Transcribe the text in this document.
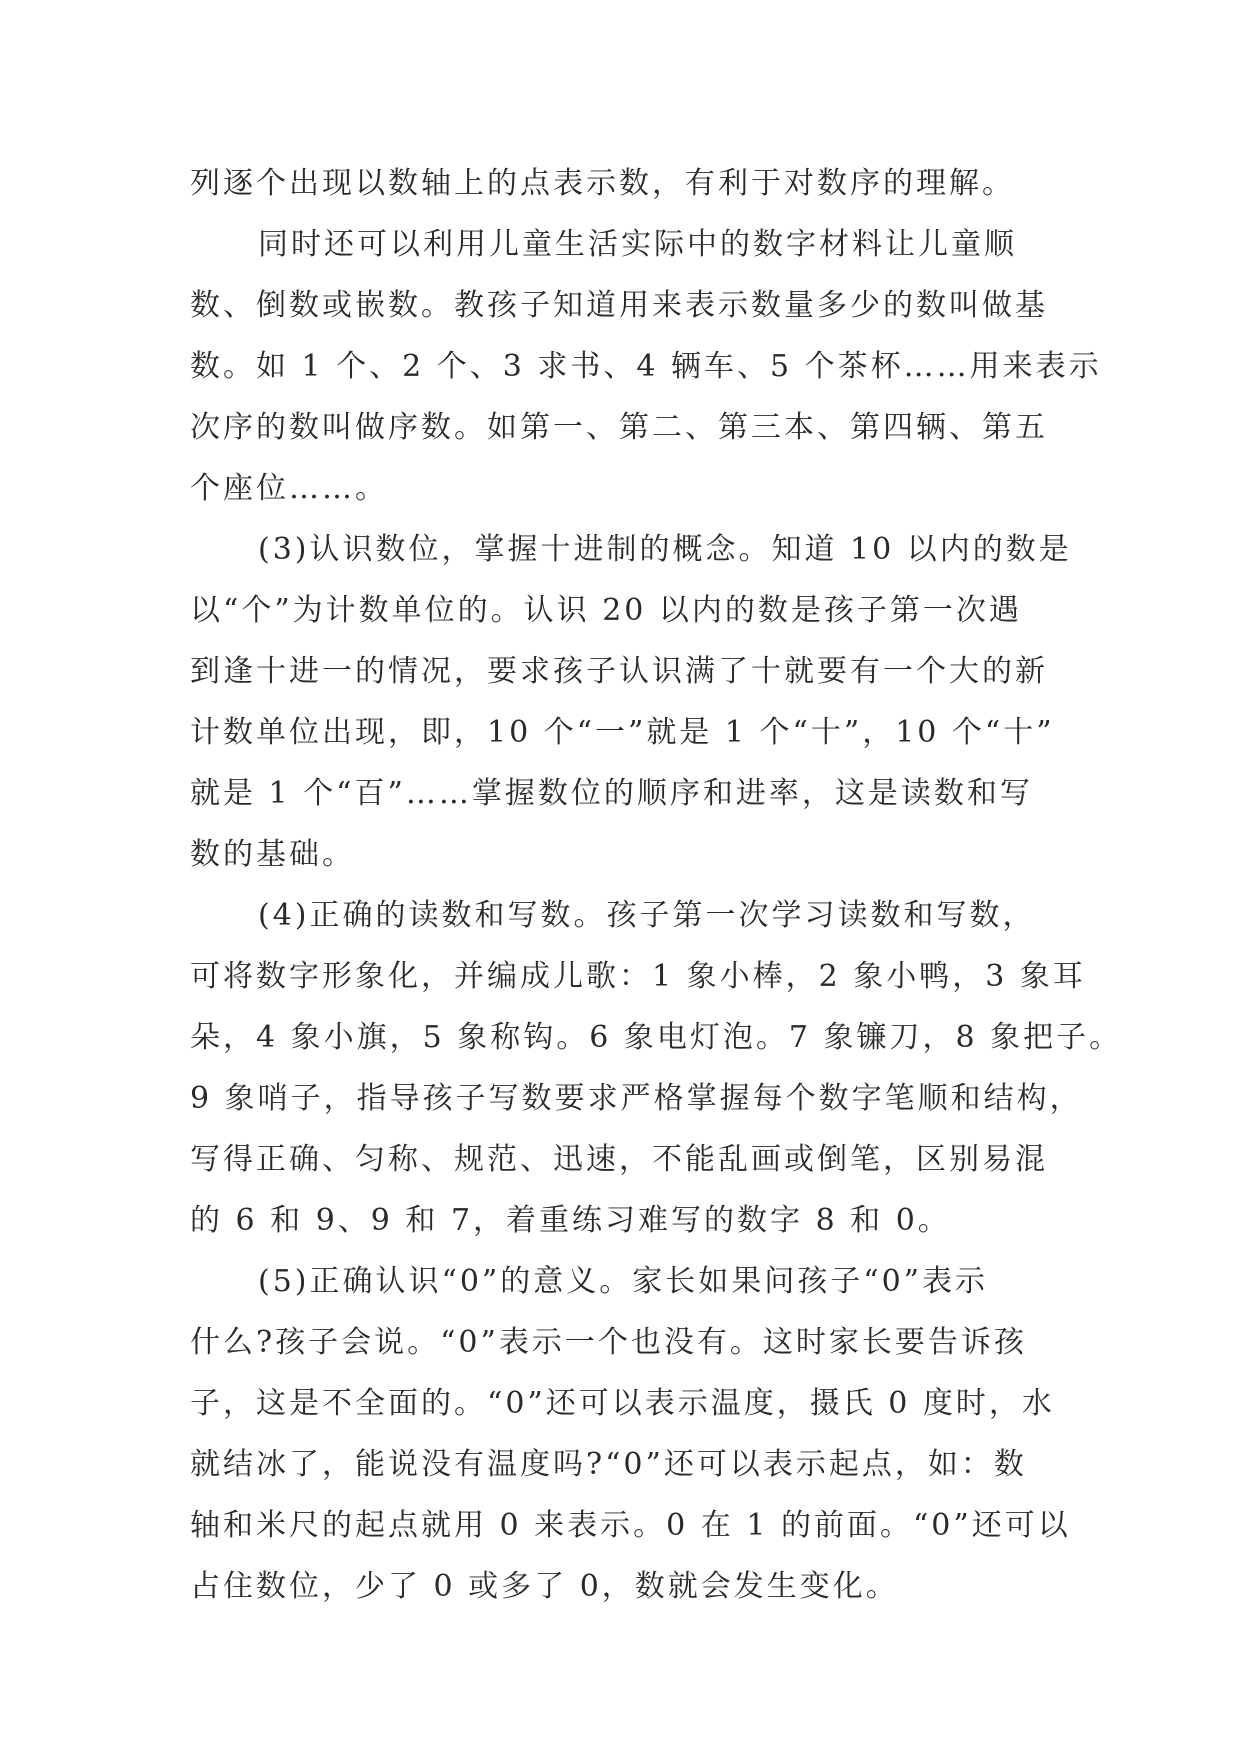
列逐个出现以数轴上的点表示数，有利于对数序的理解。
同时还可以利用儿童生活实际中的数字材料让儿童顺
数、倒数或嵌数。教孩子知道用来表示数量多少的数叫做基
数。如 1 个、2 个、3 求书、4 辆车、5 个茶杯……用来表示
次序的数叫做序数。如第一、第二、第三本、第四辆、第五
个座位……。
(3)认识数位，掌握十进制的概念。知道 10 以内的数是
以“个”为计数单位的。认识 20 以内的数是孩子第一次遇
到逢十进一的情况，要求孩子认识满了十就要有一个大的新
计数单位出现，即，10 个“一”就是 1 个“十”，10 个“十”
就是 1 个“百”……掌握数位的顺序和进率，这是读数和写
数的基础。
(4)正确的读数和写数。孩子第一次学习读数和写数，
可将数字形象化，并编成儿歌：1 象小棒，2 象小鸭，3 象耳
朵，4 象小旗，5 象称钩。6 象电灯泡。7 象镰刀，8 象把子。
9 象哨子，指导孩子写数要求严格掌握每个数字笔顺和结构，
写得正确、匀称、规范、迅速，不能乱画或倒笔，区别易混
的 6 和 9、9 和 7，着重练习难写的数字 8 和 0。
(5)正确认识“0”的意义。家长如果问孩子“0”表示
什么?孩子会说。“0”表示一个也没有。这时家长要告诉孩
子，这是不全面的。“0”还可以表示温度，摄氏 0 度时，水
就结冰了，能说没有温度吗?“0”还可以表示起点，如：数
轴和米尺的起点就用 0 来表示。0 在 1 的前面。“0”还可以
占住数位，少了 0 或多了 0，数就会发生变化。
